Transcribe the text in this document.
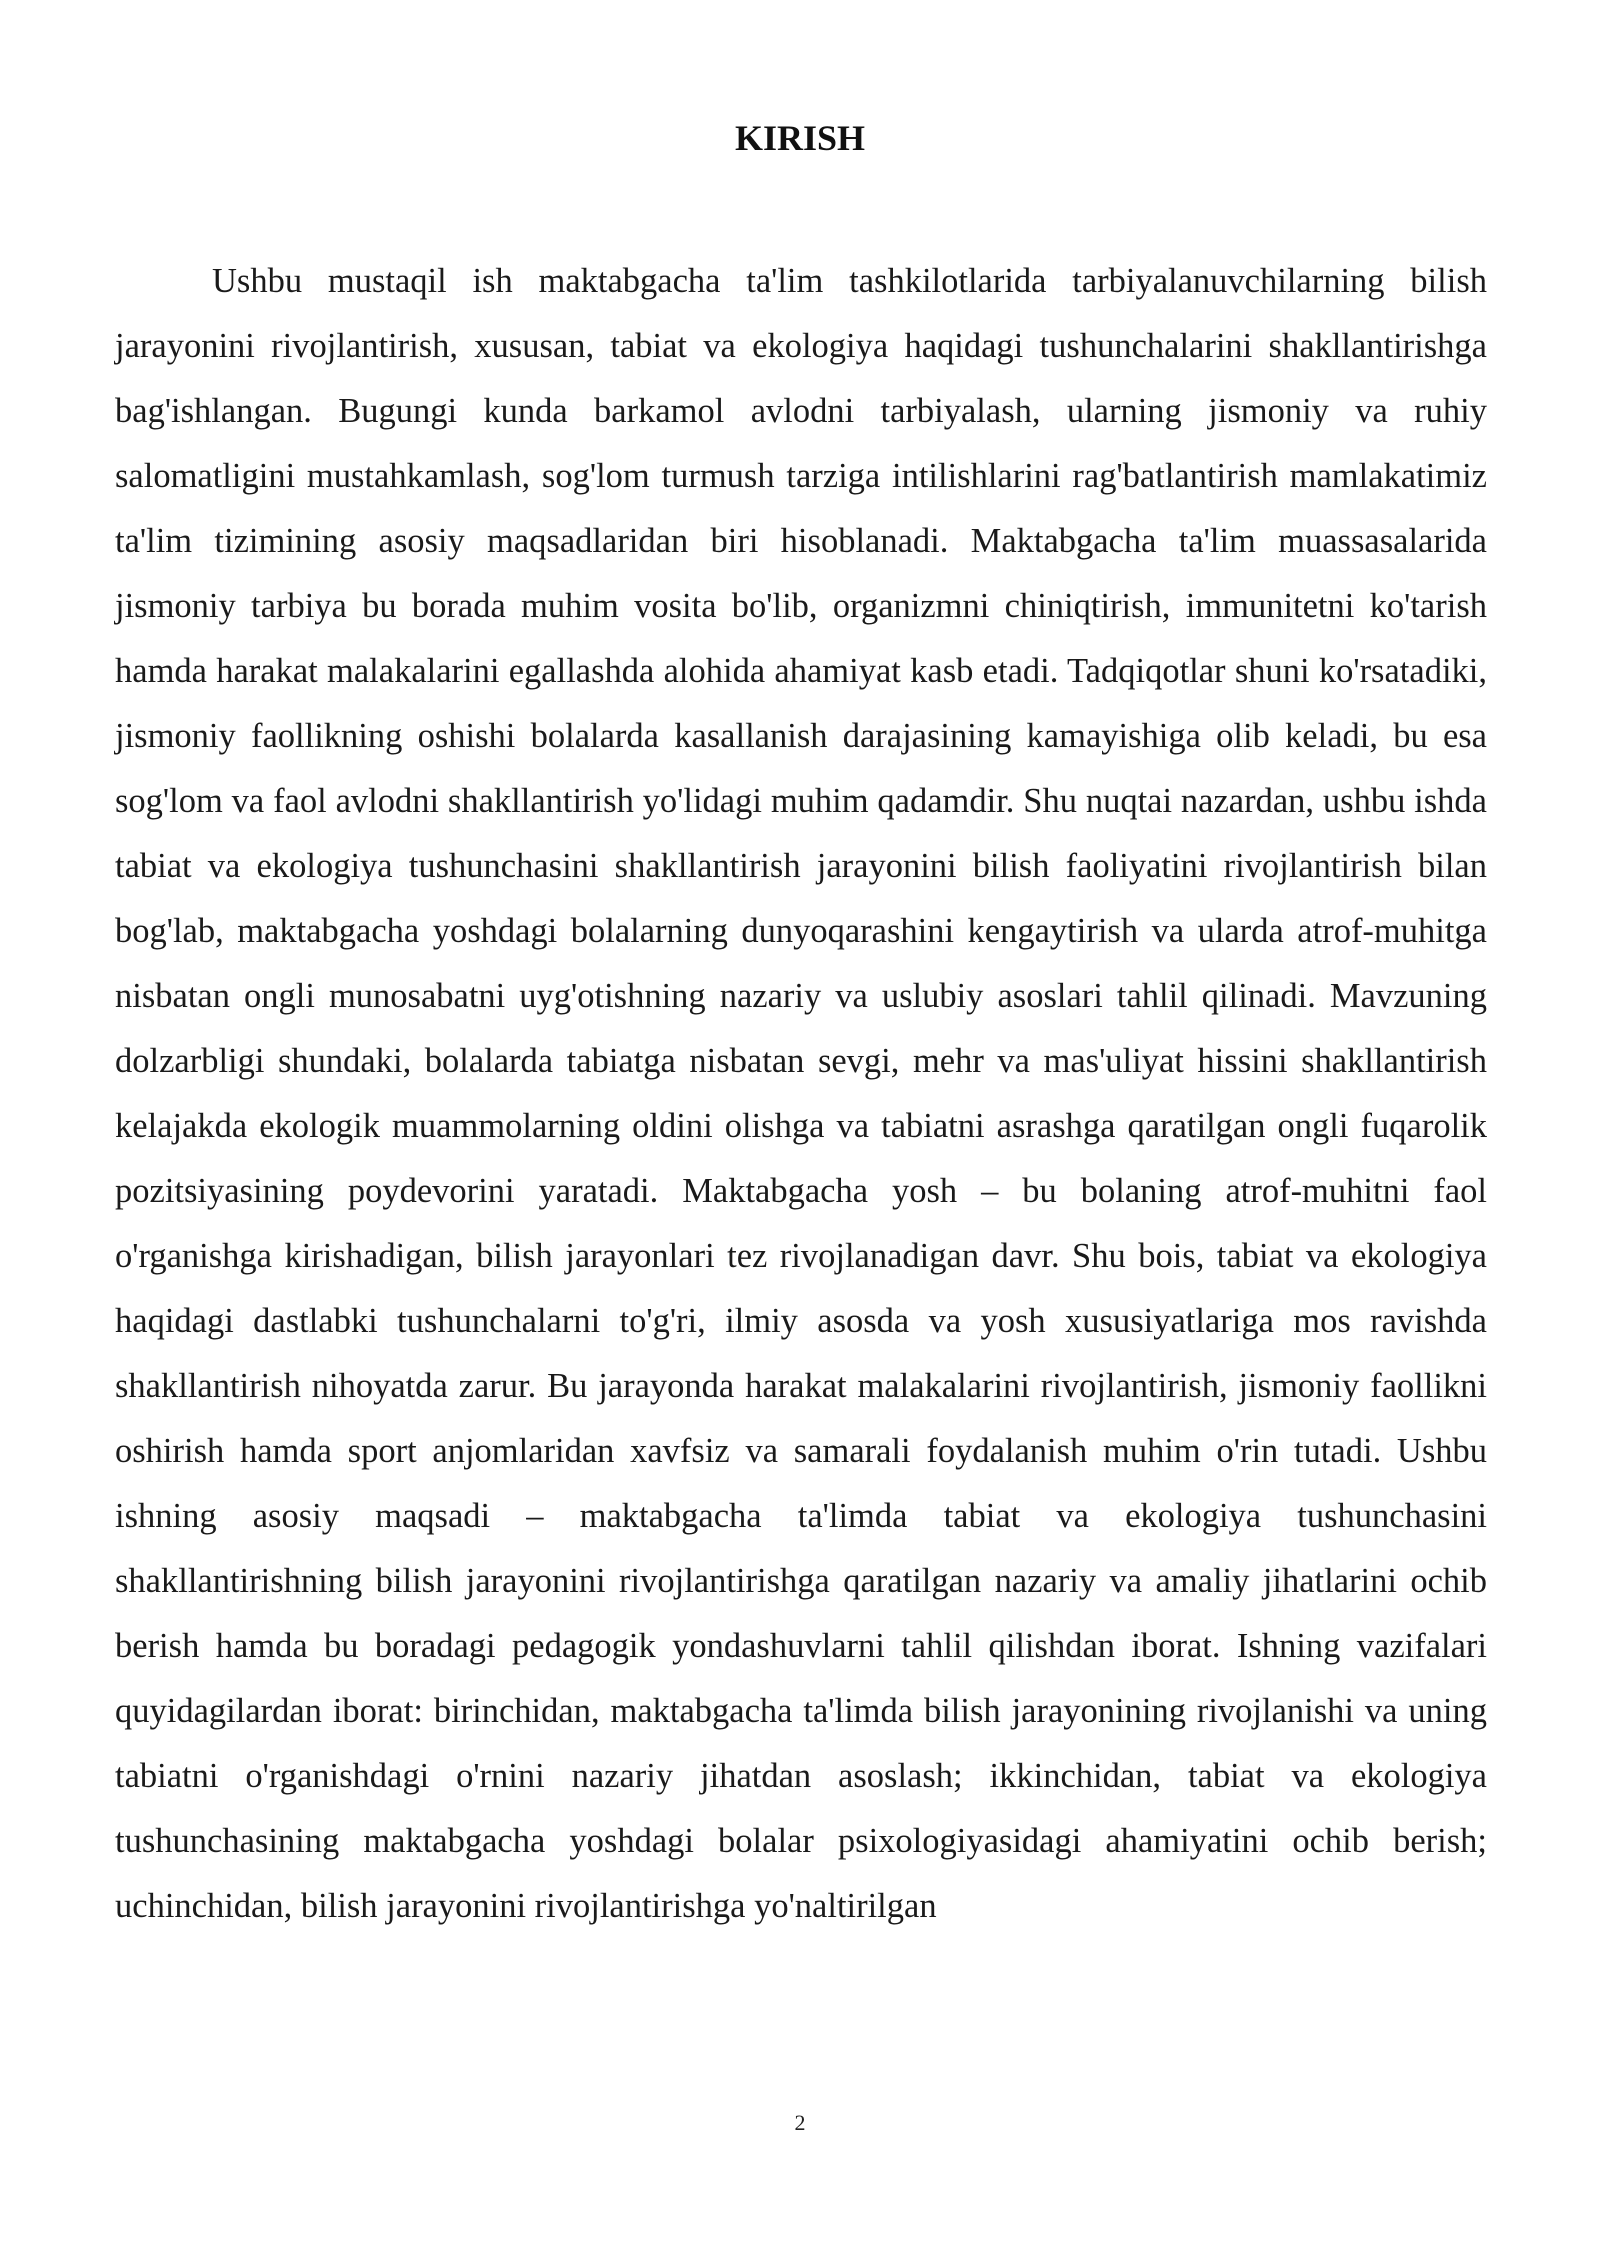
KIRISH

Ushbu mustaqil ish maktabgacha ta'lim tashkilotlarida tarbiyalanuvchilarning bilish jarayonini rivojlantirish, xususan, tabiat va ekologiya haqidagi tushunchalarini shakllantirishga bag'ishlangan. Bugungi kunda barkamol avlodni tarbiyalash, ularning jismoniy va ruhiy salomatligini mustahkamlash, sog'lom turmush tarziga intilishlarini rag'batlantirish mamlakatimiz ta'lim tizimining asosiy maqsadlaridan biri hisoblanadi. Maktabgacha ta'lim muassasalarida jismoniy tarbiya bu borada muhim vosita bo'lib, organizmni chiniqtirish, immunitetni ko'tarish hamda harakat malakalarini egallashda alohida ahamiyat kasb etadi. Tadqiqotlar shuni ko'rsatadiki, jismoniy faollikning oshishi bolalarda kasallanish darajasining kamayishiga olib keladi, bu esa sog'lom va faol avlodni shakllantirish yo'lidagi muhim qadamdir. Shu nuqtai nazardan, ushbu ishda tabiat va ekologiya tushunchasini shakllantirish jarayonini bilish faoliyatini rivojlantirish bilan bog'lab, maktabgacha yoshdagi bolalarning dunyoqarashini kengaytirish va ularda atrof-muhitga nisbatan ongli munosabatni uyg'otishning nazariy va uslubiy asoslari tahlil qilinadi. Mavzuning dolzarbligi shundaki, bolalarda tabiatga nisbatan sevgi, mehr va mas'uliyat hissini shakllantirish kelajakda ekologik muammolarning oldini olishga va tabiatni asrashga qaratilgan ongli fuqarolik pozitsiyasining poydevorini yaratadi. Maktabgacha yosh – bu bolaning atrof-muhitni faol o'rganishga kirishadigan, bilish jarayonlari tez rivojlanadigan davr. Shu bois, tabiat va ekologiya haqidagi dastlabki tushunchalarni to'g'ri, ilmiy asosda va yosh xususiyatlariga mos ravishda shakllantirish nihoyatda zarur. Bu jarayonda harakat malakalarini rivojlantirish, jismoniy faollikni oshirish hamda sport anjomlaridan xavfsiz va samarali foydalanish muhim o'rin tutadi. Ushbu ishning asosiy maqsadi – maktabgacha ta'limda tabiat va ekologiya tushunchasini shakllantirishning bilish jarayonini rivojlantirishga qaratilgan nazariy va amaliy jihatlarini ochib berish hamda bu boradagi pedagogik yondashuvlarni tahlil qilishdan iborat. Ishning vazifalari quyidagilardan iborat: birinchidan, maktabgacha ta'limda bilish jarayonining rivojlanishi va uning tabiatni o'rganishdagi o'rnini nazariy jihatdan asoslash; ikkinchidan, tabiat va ekologiya tushunchasining maktabgacha yoshdagi bolalar psixologiyasidagi ahamiyatini ochib berish; uchinchidan, bilish jarayonini rivojlantirishga yo'naltirilgan

2
